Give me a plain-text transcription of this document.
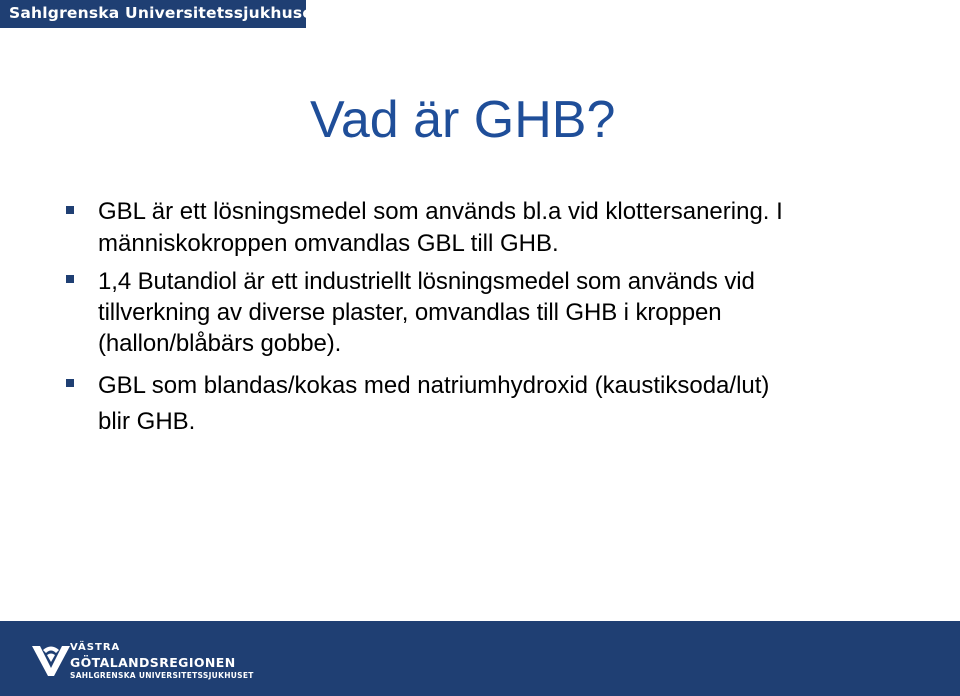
Sahlgrenska Universitetssjukhuset
Vad är GHB?
GBL är ett lösningsmedel som används bl.a vid klottersanering. I
människokroppen omvandlas GBL till GHB.
1,4 Butandiol är ett industriellt lösningsmedel som används vid
tillverkning av diverse plaster, omvandlas till GHB i kroppen
(hallon/blåbärs gobbe).
GBL som blandas/kokas med natriumhydroxid (kaustiksoda/lut)
blir GHB.
VÄSTRA
GÖTALANDSREGIONEN
SAHLGRENSKA UNIVERSITETSSJUKHUSET
